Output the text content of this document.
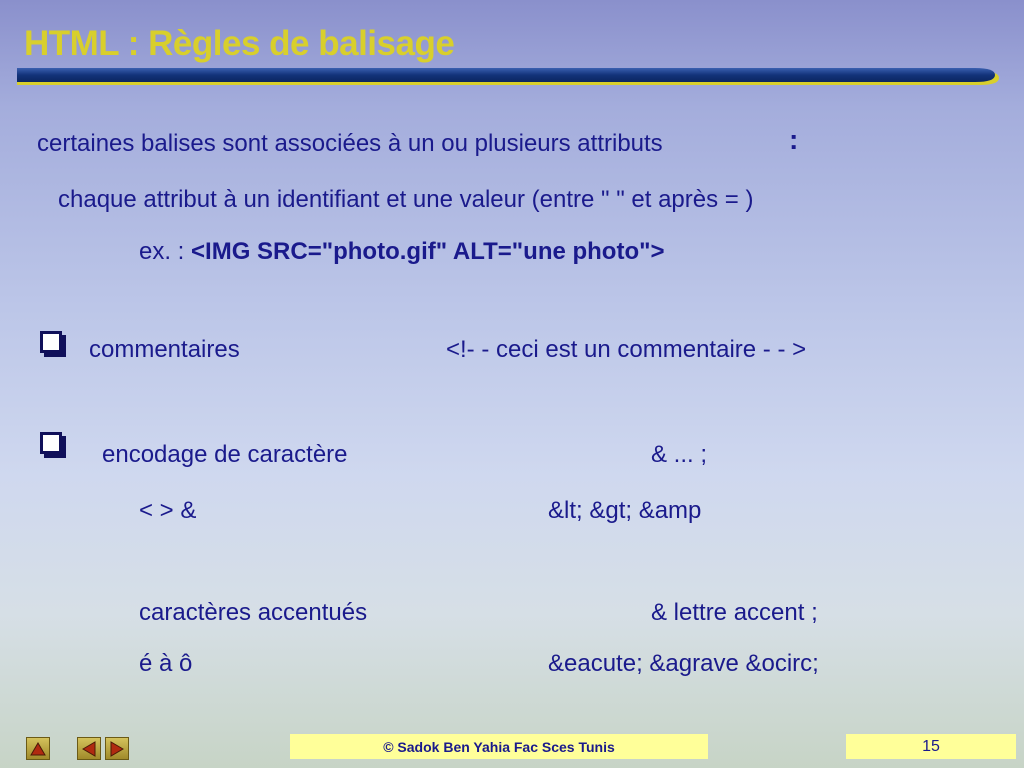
HTML : Règles de balisage
certaines balises sont associées à un ou plusieurs attributs	:
chaque attribut à un identifiant et une valeur (entre " " et après = )
ex. : <IMG SRC="photo.gif" ALT="une photo">
commentaires	<!- - ceci est un commentaire - - >
encodage de caractère	& ... ;
< > &	&lt; &gt; &amp
caractères accentués	& lettre accent ;
é à ô	&eacute; &agrave &ocirc;
© Sadok Ben Yahia Fac Sces Tunis	15
